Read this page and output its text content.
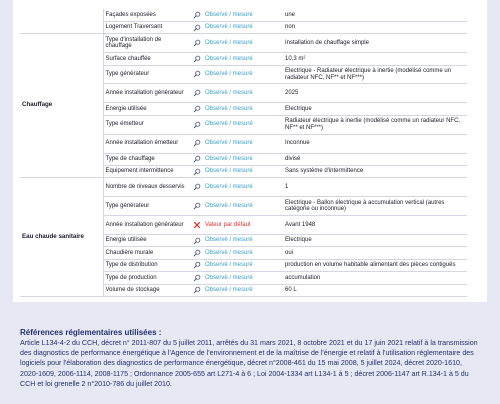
	Façades exposées		Observé / mesuré	une
	Logement Traversant		Observé / mesuré	non
Chauffage	Type d'installation de chauffage		Observé / mesuré	Installation de chauffage simple
	Surface chauffée		Observé / mesuré	10,3 m²
	Type générateur		Observé / mesuré	Electrique - Radiateur électrique à inertie (modélisé comme un radiateur NFC, NF** et NF***)
	Année installation générateur		Observé / mesuré	2025
	Energie utilisée		Observé / mesuré	Electrique
	Type émetteur		Observé / mesuré	Radiateur électrique à inertie (modélisé comme un radiateur NFC, NF** et NF***)
	Année installation émetteur		Observé / mesuré	Inconnue
	Type de chauffage		Observé / mesuré	divisé
	Equipement intermittence		Observé / mesuré	Sans système d'intermittence
Eau chaude sanitaire	Nombre de niveaux desservis		Observé / mesuré	1
	Type générateur		Observé / mesuré	Electrique - Ballon électrique à accumulation vertical (autres catégorie ou inconnue)
	Année installation générateur		Valeur par défaut	Avant 1948
	Energie utilisée		Observé / mesuré	Electrique
	Chaudière murale		Observé / mesuré	oui
	Type de distribution		Observé / mesuré	production en volume habitable alimentant des pièces contiguës
	Type de production		Observé / mesuré	accumulation
	Volume de stockage		Observé / mesuré	60 L
Références réglementaires utilisées :
Article L134-4-2 du CCH, décret n° 2011-807 du 5 juillet 2011, arrêtés du 31 mars 2021, 8 octobre 2021 et du 17 juin 2021 relatif à la transmission des diagnostics de performance énergétique à l'Agence de l'environnement et de la maîtrise de l'énergie et relatif à l'utilisation réglementaire des logiciels pour l'élaboration des diagnostics de performance énergétique, décret n°2008-461 du 15 mai 2008, 5 juillet 2024, décret 2020-1610, 2020-1609, 2006-1114, 2008-1175 ; Ordonnance 2005-655 art L271-4 à 6 ; Loi 2004-1334 art L134-1 à 5 ; décret 2006-1147 art R.134-1 à 5 du CCH et loi grenelle 2 n°2010-786 du juillet 2010.
